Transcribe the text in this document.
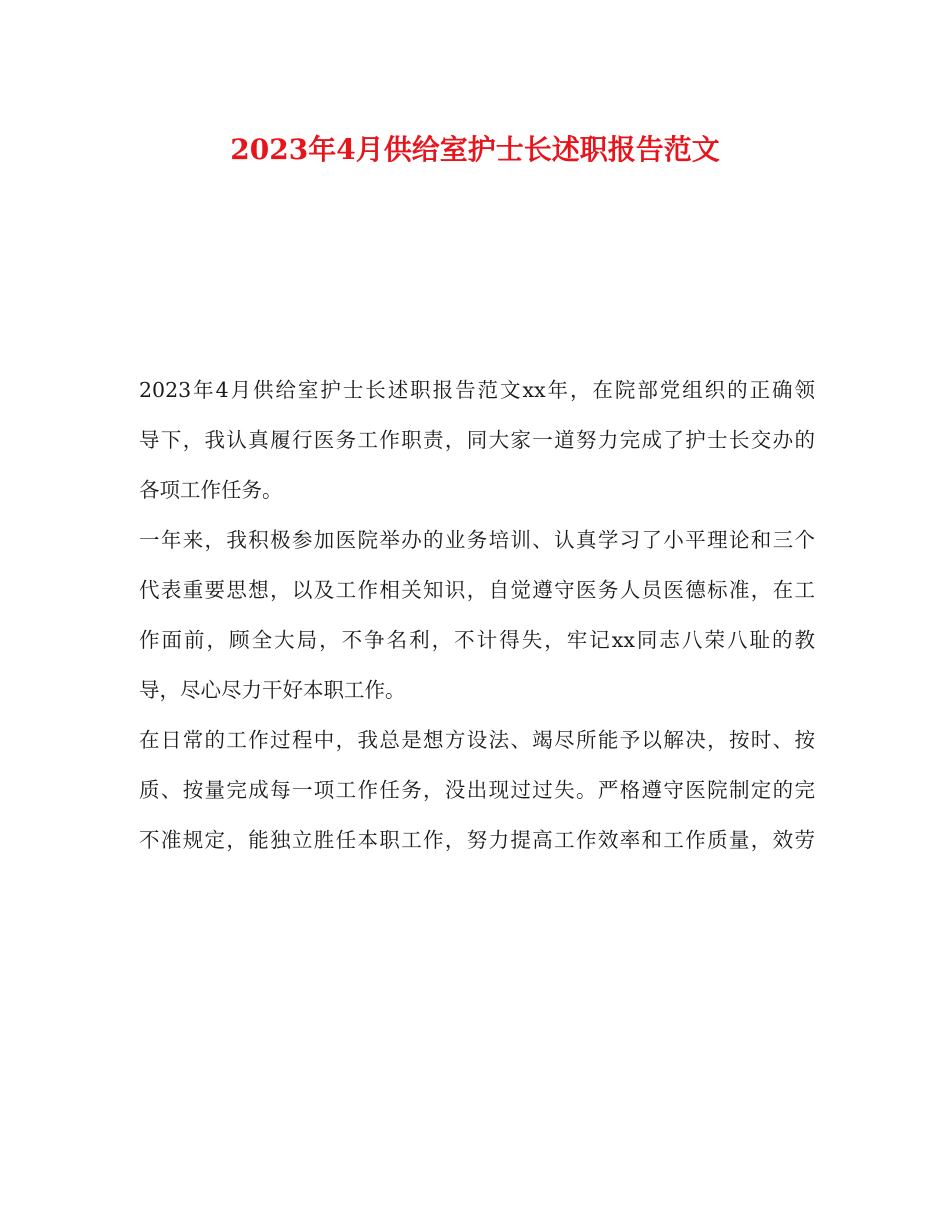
2023年4月供给室护士长述职报告范文
2023年4月供给室护士长述职报告范文xx年，在院部党组织的正确领
导下，我认真履行医务工作职责，同大家一道努力完成了护士长交办的
各项工作任务。
一年来，我积极参加医院举办的业务培训、认真学习了小平理论和三个
代表重要思想，以及工作相关知识，自觉遵守医务人员医德标准，在工
作面前，顾全大局，不争名利，不计得失，牢记xx同志八荣八耻的教
导，尽心尽力干好本职工作。
在日常的工作过程中，我总是想方设法、竭尽所能予以解决，按时、按
质、按量完成每一项工作任务，没出现过过失。严格遵守医院制定的完
不准规定，能独立胜任本职工作，努力提高工作效率和工作质量，效劳
